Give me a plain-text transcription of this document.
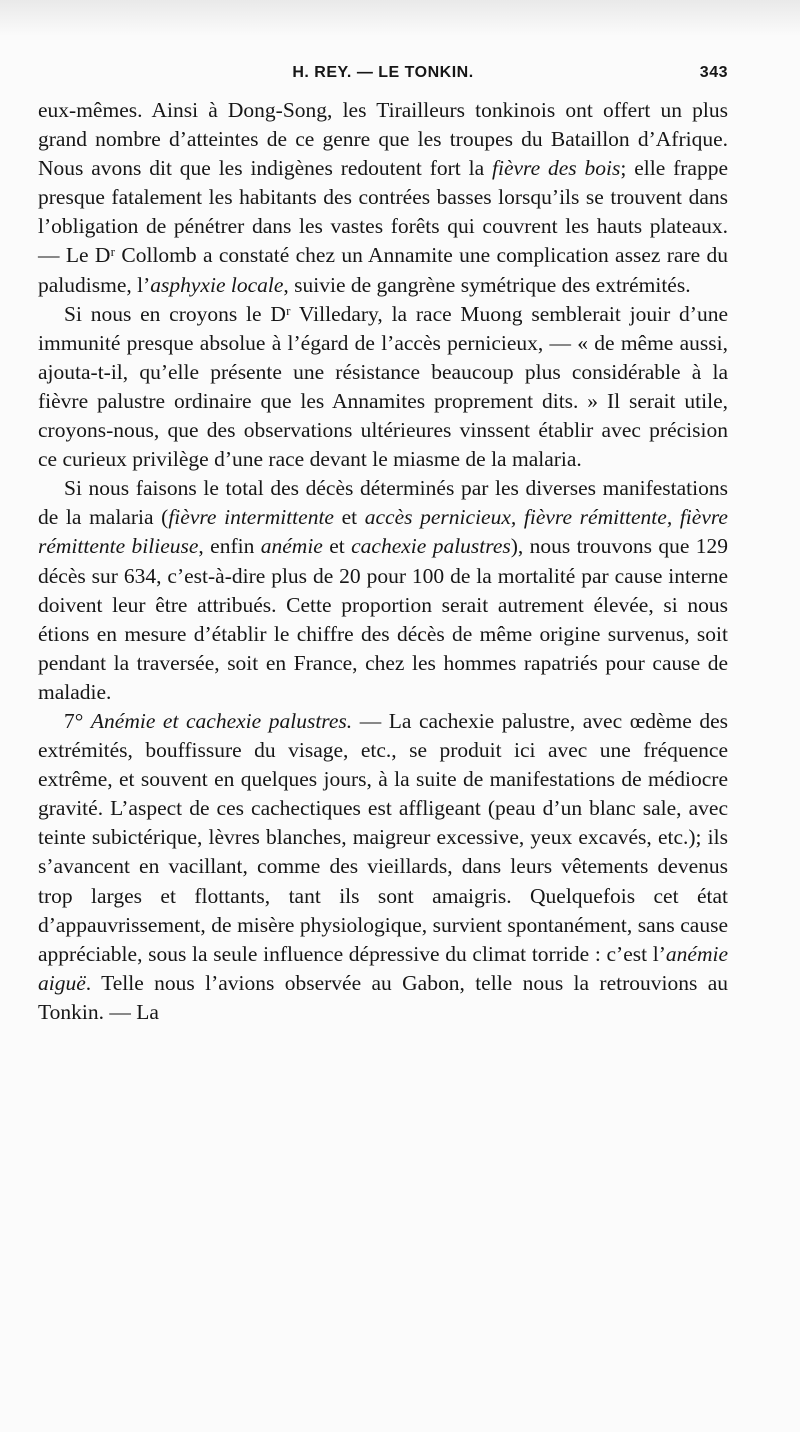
H. REY. — LE TONKIN.	343

eux-mêmes. Ainsi à Dong-Song, les Tirailleurs tonkinois ont offert un plus grand nombre d’atteintes de ce genre que les troupes du Bataillon d’Afrique. Nous avons dit que les indigènes redoutent fort la fièvre des bois; elle frappe presque fatalement les habitants des contrées basses lorsqu’ils se trouvent dans l’obligation de pénétrer dans les vastes forêts qui couvrent les hauts plateaux. — Le Dʳ Collomb a constaté chez un Annamite une complication assez rare du paludisme, l’asphyxie locale, suivie de gangrène symétrique des extrémités.

Si nous en croyons le Dʳ Villedary, la race Muong semblerait jouir d’une immunité presque absolue à l’égard de l’accès pernicieux, — « de même aussi, ajouta-t-il, qu’elle présente une résistance beaucoup plus considérable à la fièvre palustre ordinaire que les Annamites proprement dits. » Il serait utile, croyons-nous, que des observations ultérieures vinssent établir avec précision ce curieux privilège d’une race devant le miasme de la malaria.

Si nous faisons le total des décès déterminés par les diverses manifestations de la malaria (fièvre intermittente et accès pernicieux, fièvre rémittente, fièvre rémittente bilieuse, enfin anémie et cachexie palustres), nous trouvons que 129 décès sur 634, c’est-à-dire plus de 20 pour 100 de la mortalité par cause interne doivent leur être attribués. Cette proportion serait autrement élevée, si nous étions en mesure d’établir le chiffre des décès de même origine survenus, soit pendant la traversée, soit en France, chez les hommes rapatriés pour cause de maladie.

7° Anémie et cachexie palustres. — La cachexie palustre, avec œdème des extrémités, bouffissure du visage, etc., se produit ici avec une fréquence extrême, et souvent en quelques jours, à la suite de manifestations de médiocre gravité. L’aspect de ces cachectiques est affligeant (peau d’un blanc sale, avec teinte subictérique, lèvres blanches, maigreur excessive, yeux excavés, etc.); ils s’avancent en vacillant, comme des vieillards, dans leurs vêtements devenus trop larges et flottants, tant ils sont amaigris. Quelquefois cet état d’appauvrissement, de misère physiologique, survient spontanément, sans cause appréciable, sous la seule influence dépressive du climat torride : c’est l’anémie aiguë. Telle nous l’avions observée au Gabon, telle nous la retrouvions au Tonkin. — La
